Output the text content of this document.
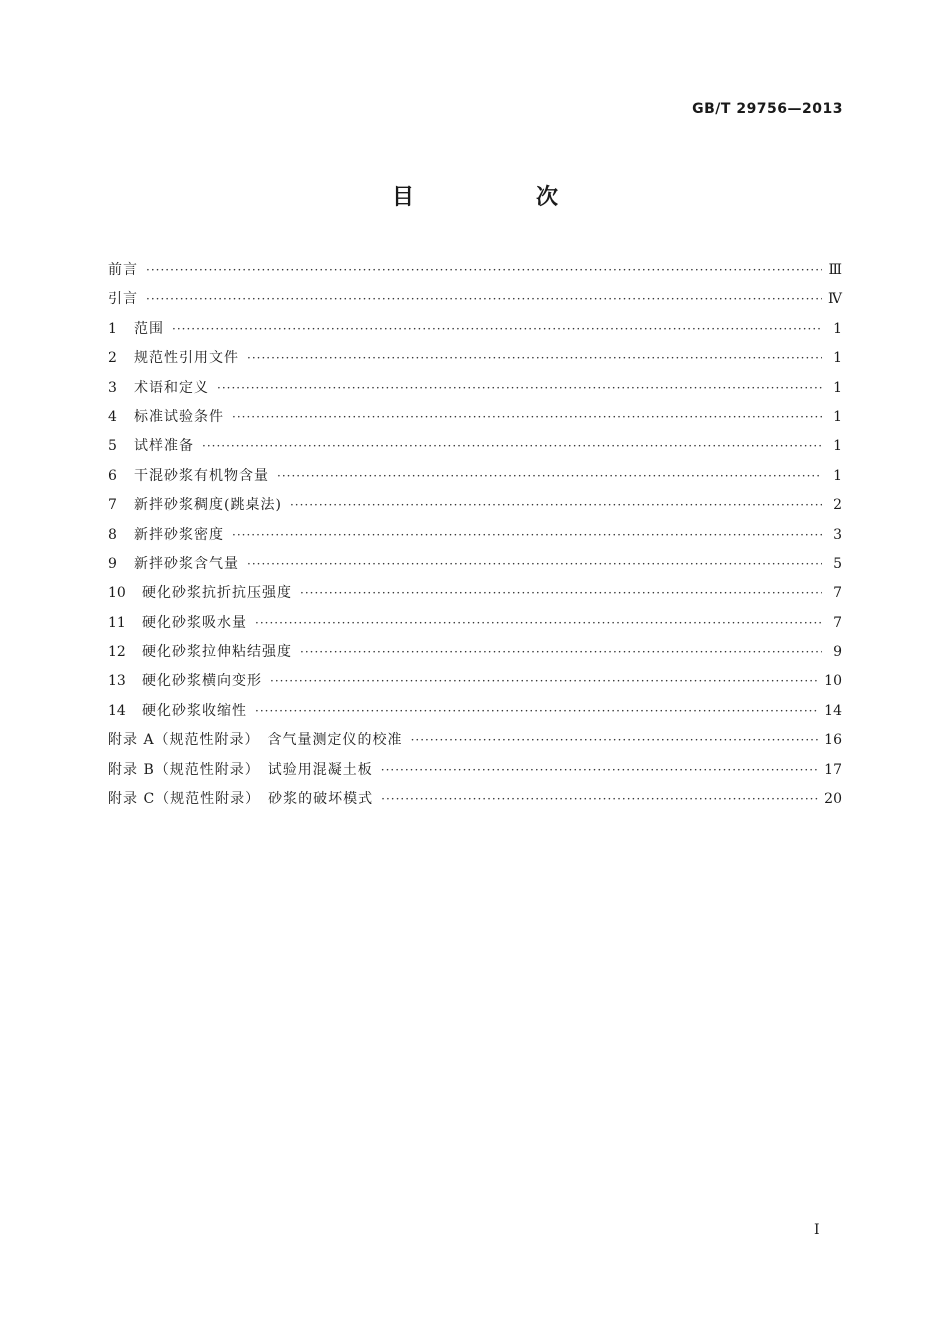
GB/T 29756—2013
目　次
前言 ·····	Ⅲ
引言 ·····	Ⅳ
1	范围 ·····	1
2	规范性引用文件 ·····	1
3	术语和定义 ·····	1
4	标准试验条件 ·····	1
5	试样准备 ·····	1
6	干混砂浆有机物含量 ·····	1
7	新拌砂浆稠度(跳桌法) ·····	2
8	新拌砂浆密度 ·····	3
9	新拌砂浆含气量 ·····	5
10	硬化砂浆抗折抗压强度 ·····	7
11	硬化砂浆吸水量 ·····	7
12	硬化砂浆拉伸粘结强度 ·····	9
13	硬化砂浆横向变形 ·····	10
14	硬化砂浆收缩性 ·····	14
附录 A（规范性附录）　含气量测定仪的校准 ·····	16
附录 B（规范性附录）　试验用混凝土板 ·····	17
附录 C（规范性附录）　砂浆的破坏模式 ·····	20
Ⅰ
